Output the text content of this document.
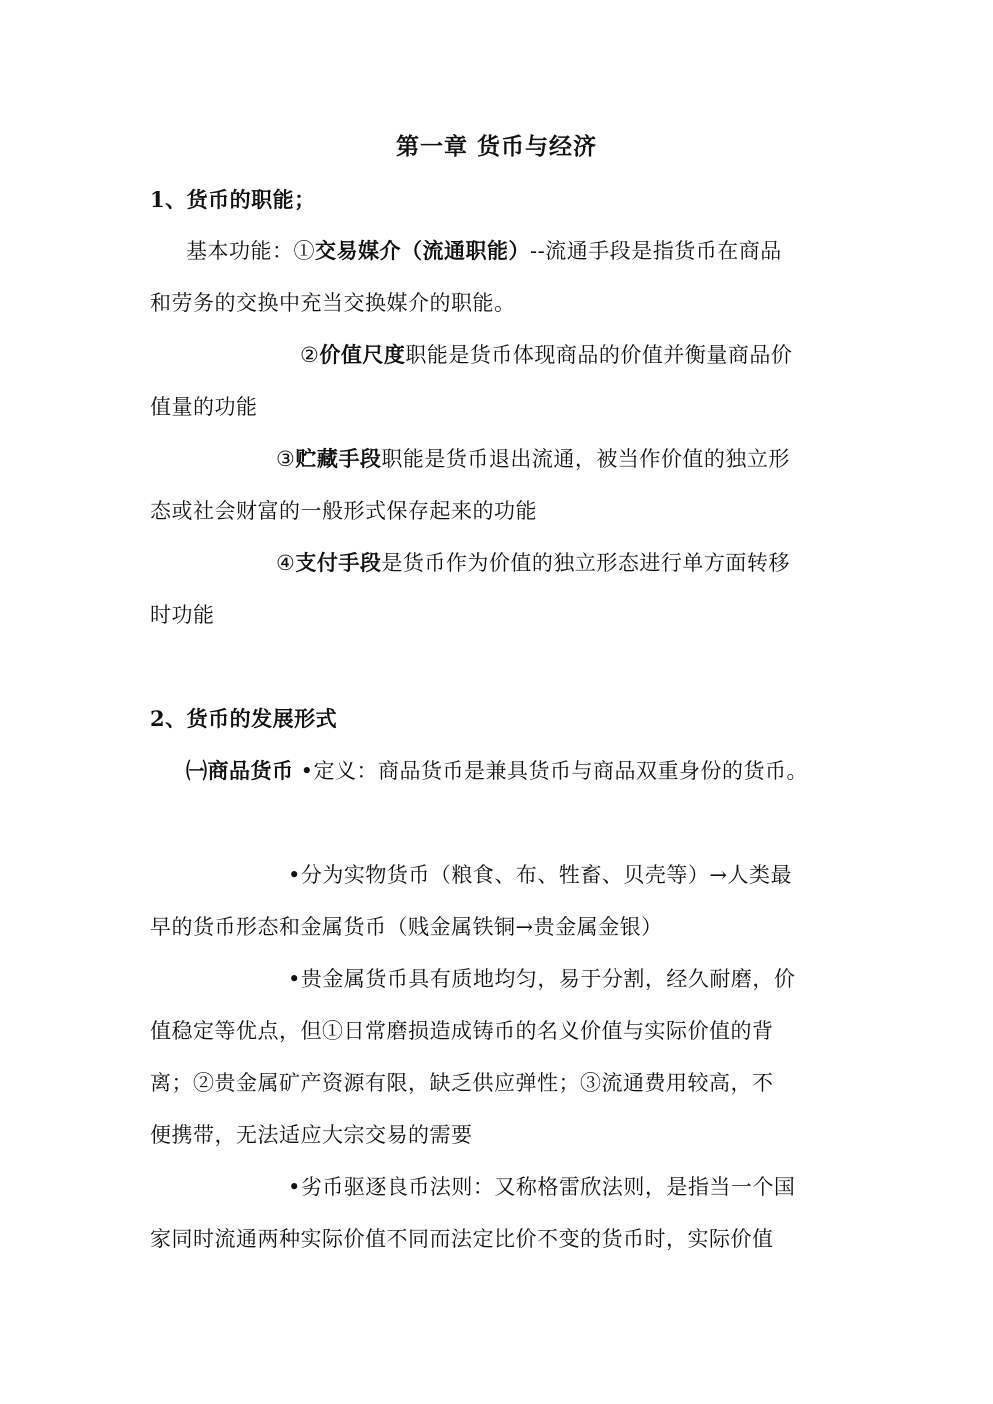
第一章 货币与经济
1、货币的职能；
基本功能：①交易媒介（流通职能）--流通手段是指货币在商品
和劳务的交换中充当交换媒介的职能。
②价值尺度职能是货币体现商品的价值并衡量商品价
值量的功能
③贮藏手段职能是货币退出流通，被当作价值的独立形
态或社会财富的一般形式保存起来的功能
④支付手段是货币作为价值的独立形态进行单方面转移
时功能
2、货币的发展形式
㈠商品货币 •定义：商品货币是兼具货币与商品双重身份的货币。
•分为实物货币（粮食、布、牲畜、贝壳等）→人类最
早的货币形态和金属货币（贱金属铁铜→贵金属金银）
•贵金属货币具有质地均匀，易于分割，经久耐磨，价
值稳定等优点，但①日常磨损造成铸币的名义价值与实际价值的背
离；②贵金属矿产资源有限，缺乏供应弹性；③流通费用较高，不
便携带，无法适应大宗交易的需要
•劣币驱逐良币法则：又称格雷欣法则，是指当一个国
家同时流通两种实际价值不同而法定比价不变的货币时，实际价值
